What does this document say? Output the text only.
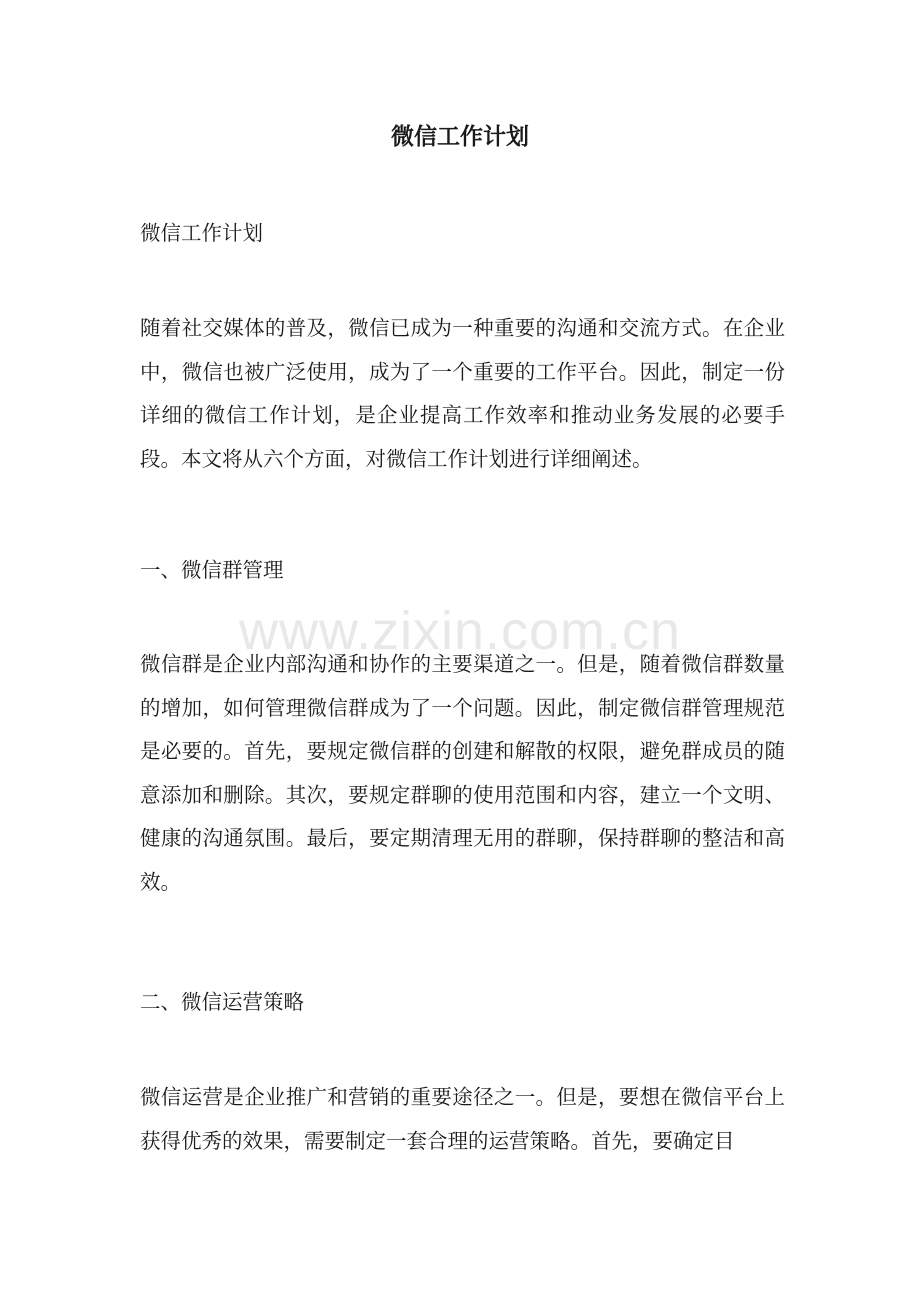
www.zixin.com.cn
微信工作计划

微信工作计划

随着社交媒体的普及，微信已成为一种重要的沟通和交流方式。在企业中，微信也被广泛使用，成为了一个重要的工作平台。因此，制定一份详细的微信工作计划，是企业提高工作效率和推动业务发展的必要手段。本文将从六个方面，对微信工作计划进行详细阐述。

一、微信群管理

微信群是企业内部沟通和协作的主要渠道之一。但是，随着微信群数量的增加，如何管理微信群成为了一个问题。因此，制定微信群管理规范是必要的。首先，要规定微信群的创建和解散的权限，避免群成员的随意添加和删除。其次，要规定群聊的使用范围和内容，建立一个文明、健康的沟通氛围。最后，要定期清理无用的群聊，保持群聊的整洁和高效。

二、微信运营策略

微信运营是企业推广和营销的重要途径之一。但是，要想在微信平台上获得优秀的效果，需要制定一套合理的运营策略。首先，要确定目
